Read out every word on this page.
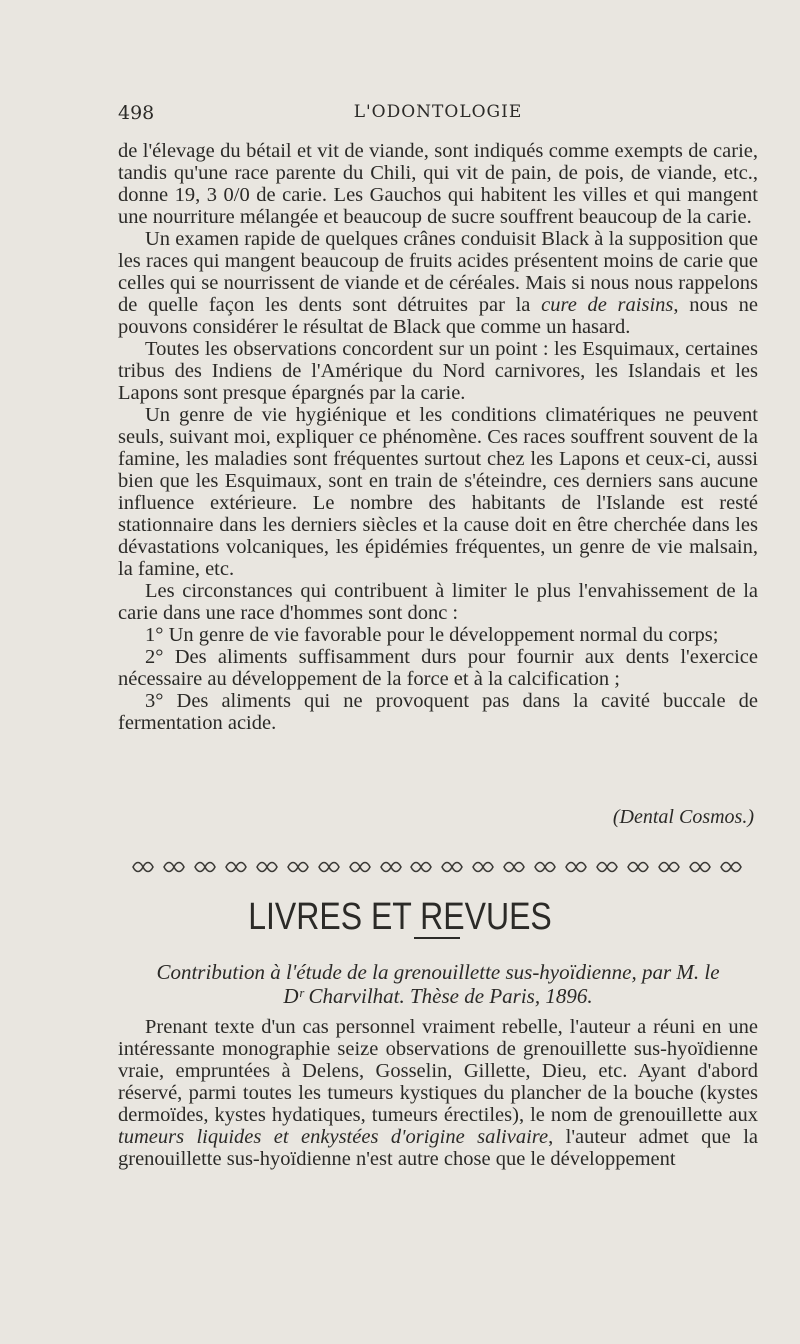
498	L'ODONTOLOGIE

de l'élevage du bétail et vit de viande, sont indiqués comme exempts de carie, tandis qu'une race parente du Chili, qui vit de pain, de pois, de viande, etc., donne 19, 3 0/0 de carie. Les Gauchos qui habitent les villes et qui mangent une nourriture mélangée et beaucoup de sucre souffrent beaucoup de la carie.

Un examen rapide de quelques crânes conduisit Black à la supposition que les races qui mangent beaucoup de fruits acides présentent moins de carie que celles qui se nourrissent de viande et de céréales. Mais si nous nous rappelons de quelle façon les dents sont détruites par la cure de raisins, nous ne pouvons considérer le résultat de Black que comme un hasard.

Toutes les observations concordent sur un point : les Esquimaux, certaines tribus des Indiens de l'Amérique du Nord carnivores, les Islandais et les Lapons sont presque épargnés par la carie.

Un genre de vie hygiénique et les conditions climatériques ne peuvent seuls, suivant moi, expliquer ce phénomène. Ces races souffrent souvent de la famine, les maladies sont fréquentes surtout chez les Lapons et ceux-ci, aussi bien que les Esquimaux, sont en train de s'éteindre, ces derniers sans aucune influence extérieure. Le nombre des habitants de l'Islande est resté stationnaire dans les derniers siècles et la cause doit en être cherchée dans les dévastations volcaniques, les épidémies fréquentes, un genre de vie malsain, la famine, etc.

Les circonstances qui contribuent à limiter le plus l'envahissement de la carie dans une race d'hommes sont donc :

1° Un genre de vie favorable pour le développement normal du corps;

2° Des aliments suffisamment durs pour fournir aux dents l'exercice nécessaire au développement de la force et à la calcification ;

3° Des aliments qui ne provoquent pas dans la cavité buccale de fermentation acide.

(Dental Cosmos.)
LIVRES ET REVUES
Contribution à l'étude de la grenouillette sus-hyoïdienne, par M. le
Dʳ Charvilhat. Thèse de Paris, 1896.

Prenant texte d'un cas personnel vraiment rebelle, l'auteur a réuni en une intéressante monographie seize observations de grenouillette sus-hyoïdienne vraie, empruntées à Delens, Gosselin, Gillette, Dieu, etc. Ayant d'abord réservé, parmi toutes les tumeurs kystiques du plancher de la bouche (kystes dermoïdes, kystes hydatiques, tumeurs érectiles), le nom de grenouillette aux tumeurs liquides et enkystées d'origine salivaire, l'auteur admet que la grenouillette sus-hyoïdienne n'est autre chose que le développement
